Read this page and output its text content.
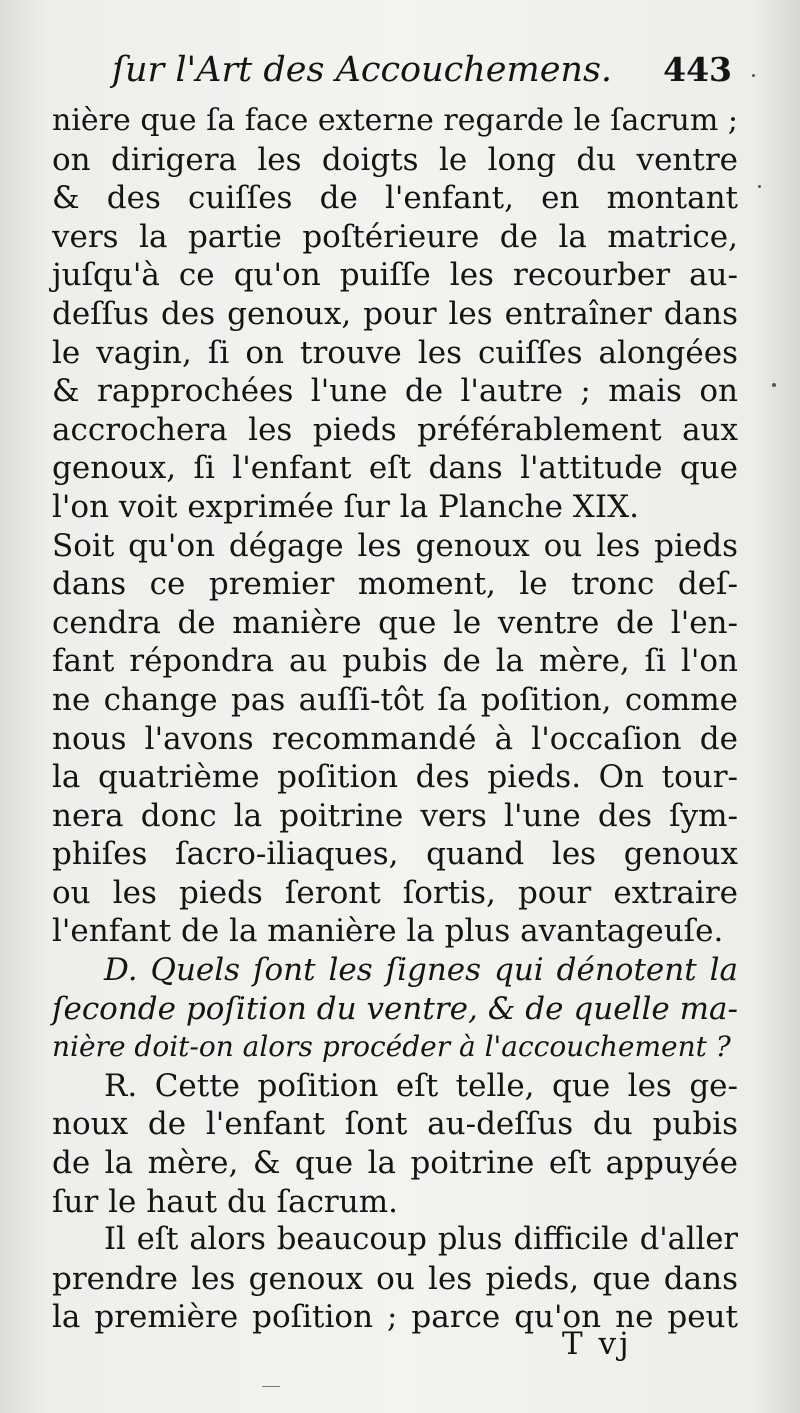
ſur l'Art des Accouchemens. 443
nière que ſa face externe regarde le ſacrum ;
on dirigera les doigts le long du ventre
& des cuiſſes de l'enfant, en montant
vers la partie poſtérieure de la matrice,
juſqu'à ce qu'on puiſſe les recourber au-
deſſus des genoux, pour les entraîner dans
le vagin, ſi on trouve les cuiſſes alongées
& rapprochées l'une de l'autre ; mais on
accrochera les pieds préférablement aux
genoux, ſi l'enfant eſt dans l'attitude que
l'on voit exprimée ſur la Planche XIX.
Soit qu'on dégage les genoux ou les pieds
dans ce premier moment, le tronc deſ-
cendra de manière que le ventre de l'en-
fant répondra au pubis de la mère, ſi l'on
ne change pas auſſi-tôt ſa poſition, comme
nous l'avons recommandé à l'occaſion de
la quatrième poſition des pieds. On tour-
nera donc la poitrine vers l'une des ſym-
phiſes ſacro-iliaques, quand les genoux
ou les pieds ſeront ſortis, pour extraire
l'enfant de la manière la plus avantageuſe.
D. Quels ſont les ſignes qui dénotent la
ſeconde poſition du ventre, & de quelle ma-
nière doit-on alors procéder à l'accouchement ?
R. Cette poſition eſt telle, que les ge-
noux de l'enfant ſont au-deſſus du pubis
de la mère, & que la poitrine eſt appuyée
ſur le haut du ſacrum.
Il eſt alors beaucoup plus difficile d'aller
prendre les genoux ou les pieds, que dans
la première poſition ; parce qu'on ne peut
T vj
